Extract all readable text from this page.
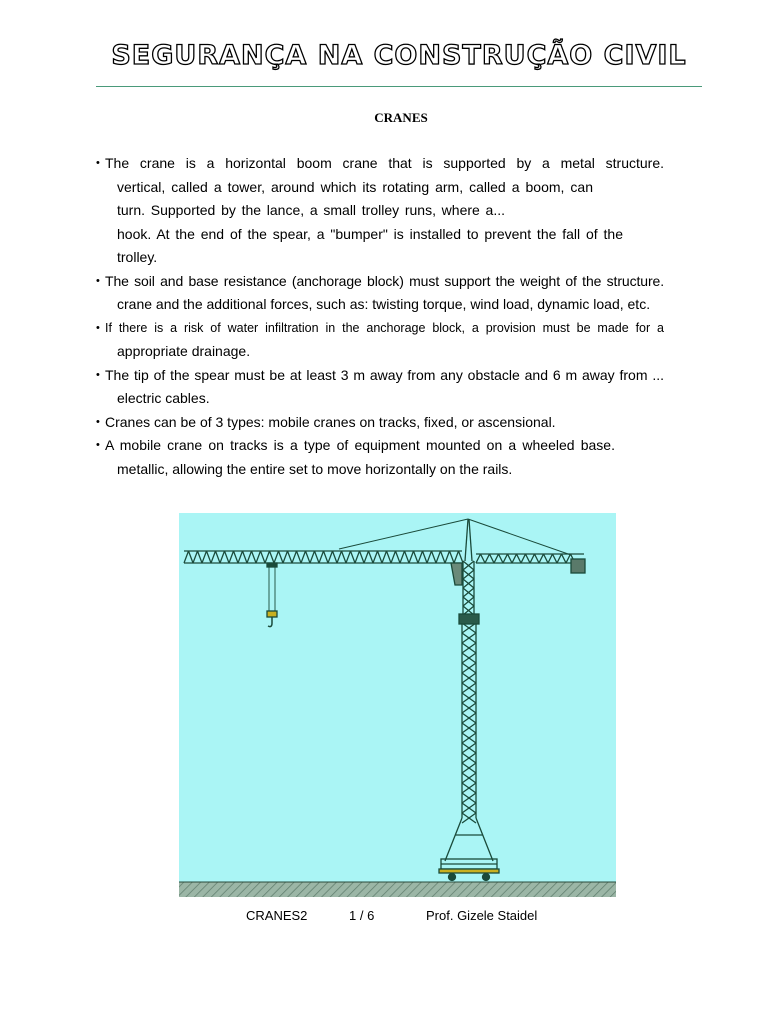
SEGURANÇA NA CONSTRUÇÃO CIVIL
CRANES
• The crane is a horizontal boom crane that is supported by a metal structure.
vertical, called a tower, around which its rotating arm, called a boom, can
turn. Supported by the lance, a small trolley runs, where a...
hook. At the end of the spear, a "bumper" is installed to prevent the fall of the
trolley.
• The soil and base resistance (anchorage block) must support the weight of the structure.
crane and the additional forces, such as: twisting torque, wind load, dynamic load, etc.
• If there is a risk of water infiltration in the anchorage block, a provision must be made for a
appropriate drainage.
• The tip of the spear must be at least 3 m away from any obstacle and 6 m away from ...
electric cables.
• Cranes can be of 3 types: mobile cranes on tracks, fixed, or ascensional.
• A mobile crane on tracks is a type of equipment mounted on a wheeled base.
metallic, allowing the entire set to move horizontally on the rails.
CRANES2	1 / 6	Prof. Gizele Staidel
